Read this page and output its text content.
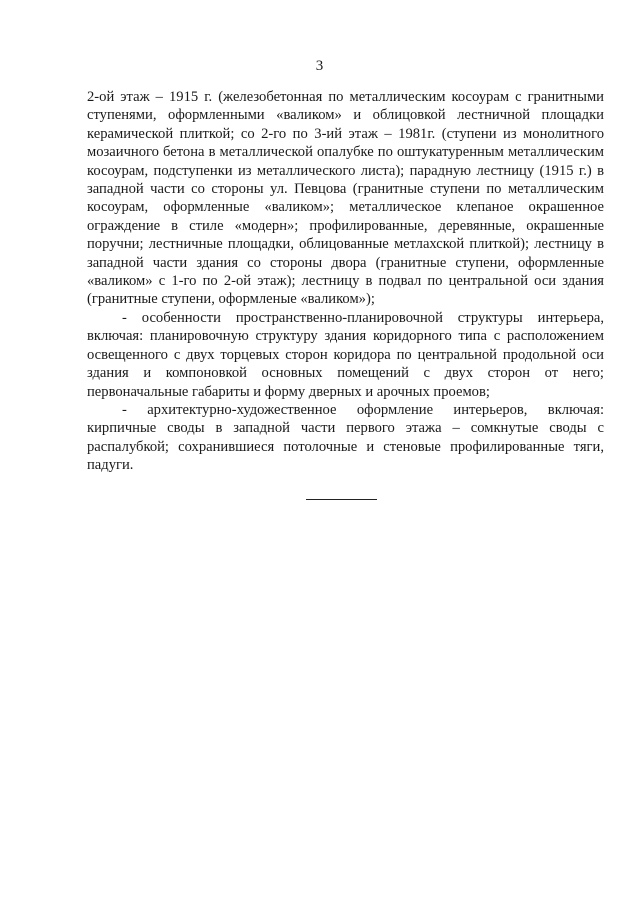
3

2-ой этаж – 1915 г. (железобетонная по металлическим косоурам с гранитными ступенями, оформленными «валиком» и облицовкой лестничной площадки керамической плиткой; со 2-го по 3-ий этаж – 1981г. (ступени из монолитного мозаичного бетона в металлической опалубке по оштукатуренным металлическим косоурам, подступенки из металлического листа); парадную лестницу (1915 г.) в западной части со стороны ул. Певцова (гранитные ступени по металлическим косоурам, оформленные «валиком»; металлическое клепаное окрашенное ограждение в стиле «модерн»; профилированные, деревянные, окрашенные поручни; лестничные площадки, облицованные метлахской плиткой); лестницу в западной части здания со стороны двора (гранитные ступени, оформленные «валиком» с 1-го по 2-ой этаж); лестницу в подвал по центральной оси здания (гранитные ступени, оформленые «валиком»);

- особенности пространственно-планировочной структуры интерьера, включая: планировочную структуру здания коридорного типа с расположением освещенного с двух торцевых сторон коридора по центральной продольной оси здания и компоновкой основных помещений с двух сторон от него; первоначальные габариты и форму дверных и арочных проемов;

- архитектурно-художественное оформление интерьеров, включая: кирпичные своды в западной части первого этажа – сомкнутые своды с распалубкой; сохранившиеся потолочные и стеновые профилированные тяги, падуги.
